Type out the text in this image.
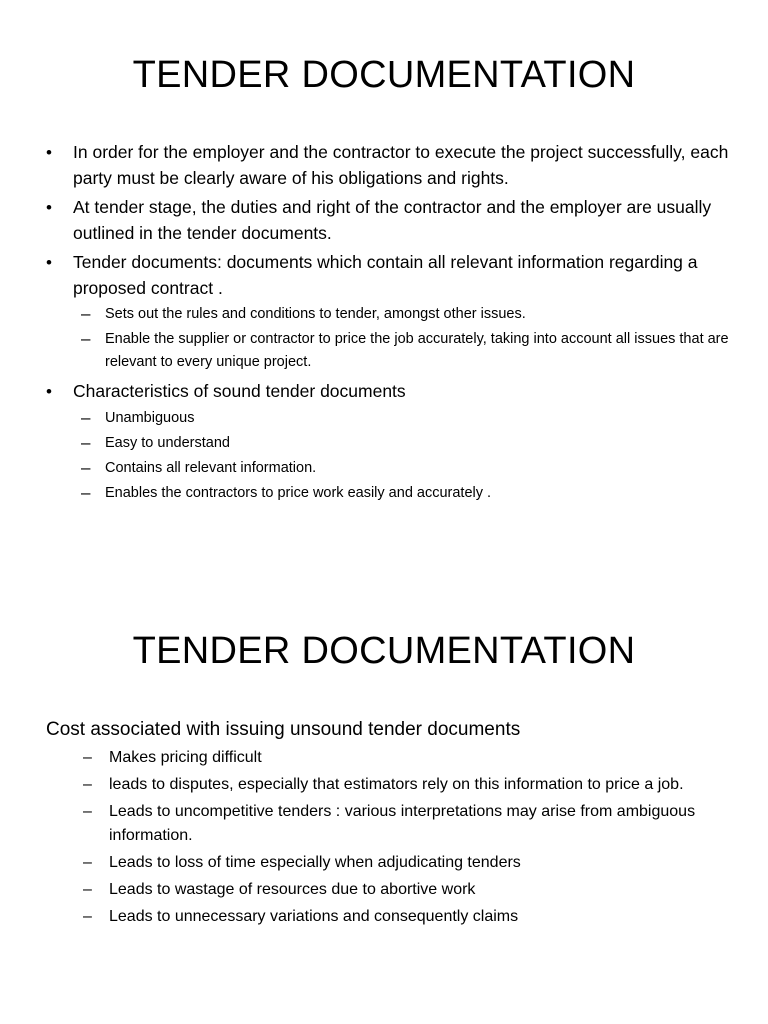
TENDER DOCUMENTATION
• In order for the employer and the contractor to execute the project successfully, each party must be clearly aware of his obligations and rights.
• At tender stage, the duties and right of the contractor and the employer are usually outlined in the tender documents.
• Tender documents: documents which contain all relevant information regarding a proposed contract .
– Sets out the rules and conditions to tender, amongst other issues.
– Enable the supplier or contractor to price the job accurately, taking into account all issues that are relevant to every unique project.
• Characteristics of sound tender documents
– Unambiguous
– Easy to understand
– Contains all relevant information.
– Enables the contractors to price work easily and accurately .
TENDER DOCUMENTATION
Cost associated with issuing unsound tender documents
– Makes pricing difficult
– leads to disputes, especially that estimators rely on this information to price a job.
– Leads to uncompetitive tenders : various interpretations may arise from ambiguous information.
– Leads to loss of time especially when adjudicating tenders
– Leads to wastage of resources due to abortive work
– Leads to unnecessary variations and consequently claims
